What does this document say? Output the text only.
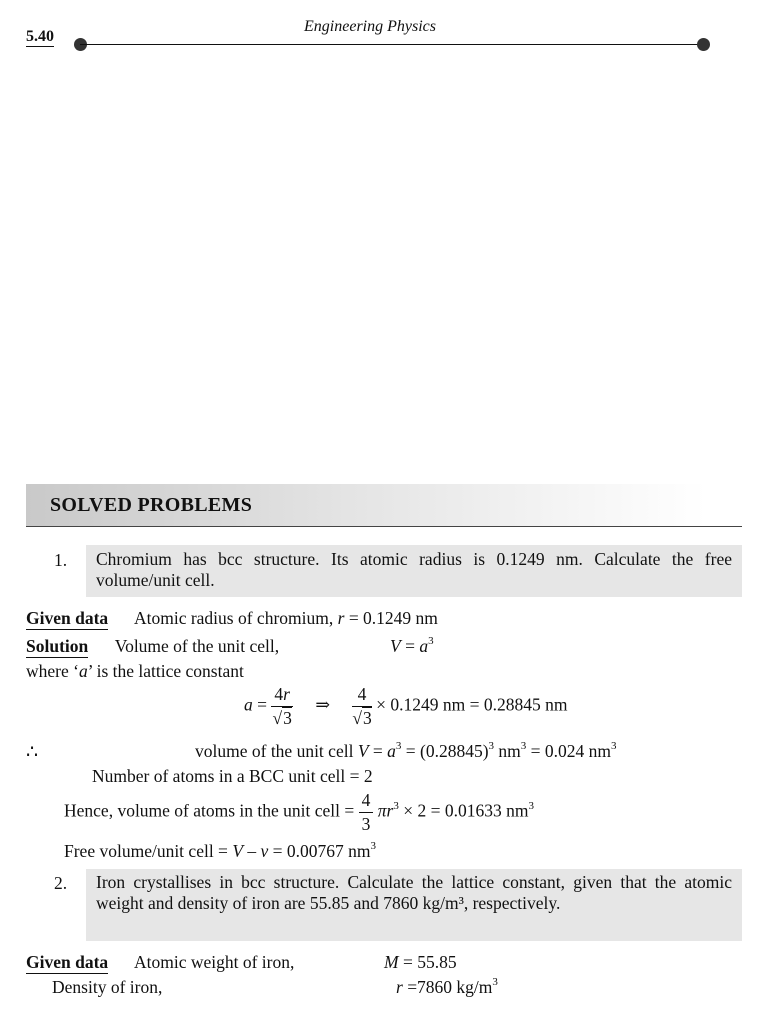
5.40
Engineering Physics
SOLVED PROBLEMS
1. Chromium has bcc structure. Its atomic radius is 0.1249 nm. Calculate the free volume/unit cell.
Given data Atomic radius of chromium, r = 0.1249 nm
Solution Volume of the unit cell,	$V = a^3$
where ‘a’ is the lattice constant
$a = \frac{4r}{√3}$ ⇒ $\frac{4}{√3} \times 0.1249$ nm = 0.28845 nm
∴	volume of the unit cell $V = a^3 = (0.28845)^3$ $nm^3 = 0.024$ $nm^3$
Number of atoms in a BCC unit cell = 2
Hence, volume of atoms in the unit cell = $\frac{4}{3} \pi r^3 \times 2 = 0.01633$ $nm^3$
Free volume/unit cell = V – v = 0.00767 $nm^3$
2. Iron crystallises in bcc structure. Calculate the lattice constant, given that the atomic weight and density of iron are 55.85 and 7860 kg/m³, respectively.
Given data Atomic weight of iron,	M = 55.85
Density of iron,	r =7860 $kg/m^3$
